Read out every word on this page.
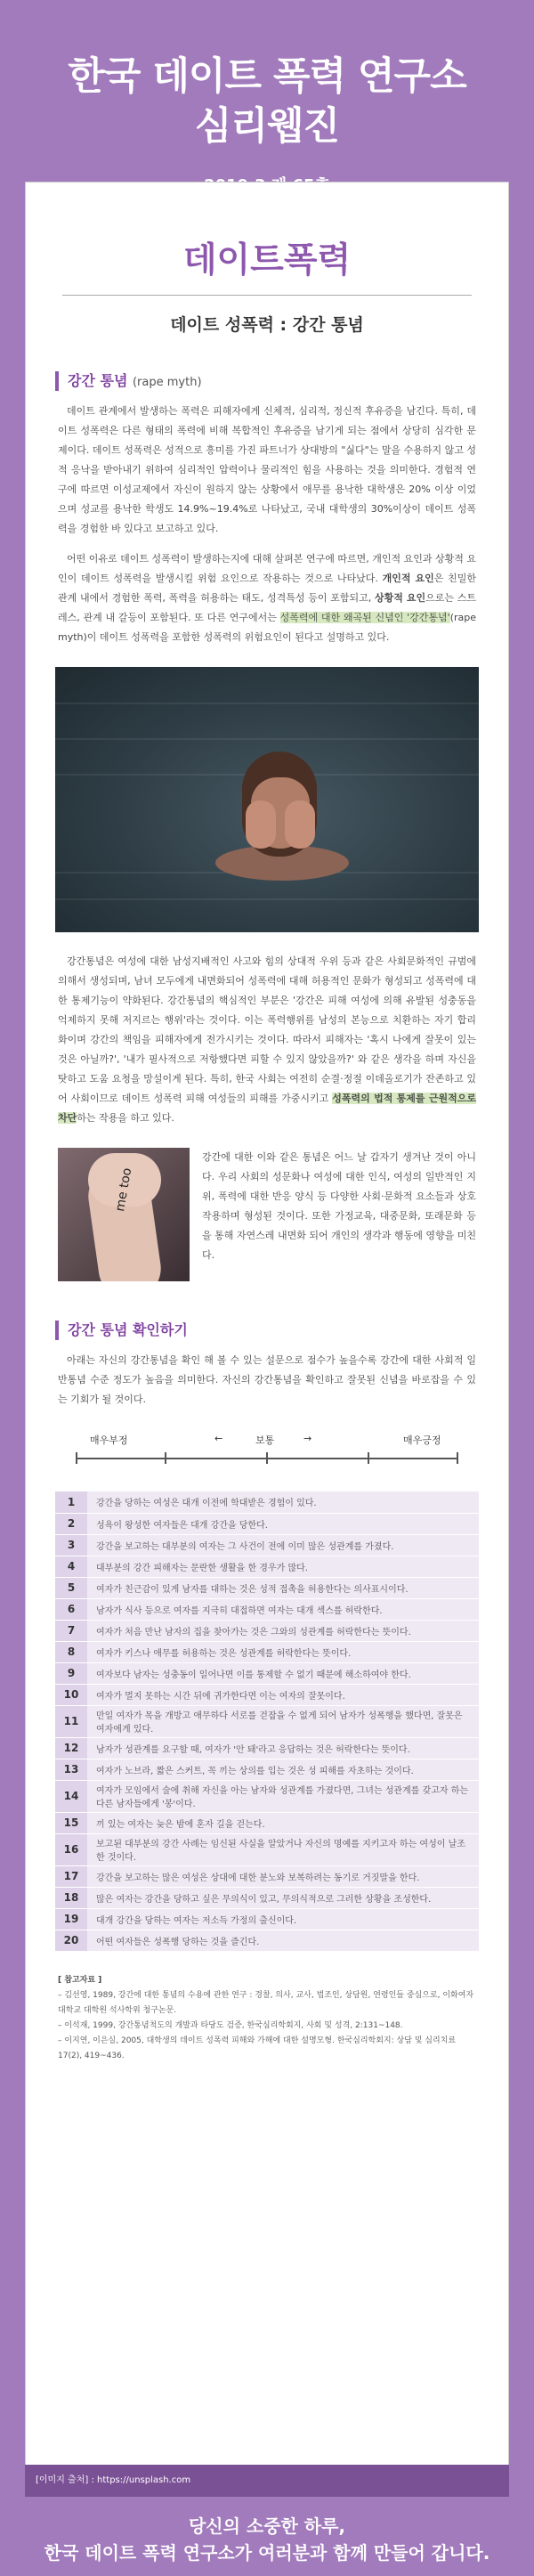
한국 데이트 폭력 연구소
심리웹진
데이트폭력
데이트 성폭력 : 강간 통념
강간 통념 (rape myth)
데이트 관계에서 발생하는 폭력은 피해자에게 신체적, 심리적, 정신적 후유증을 남긴다. 특히, 데이트 성폭력은 다른 형태의 폭력에 비해 복합적인 후유증을 남기게 되는 점에서 상당히 심각한 문제이다. 데이트 성폭력은 성적으로 흥미를 가진 파트너가 상대방의 "싫다"는 말을 수용하지 않고 성적 응낙을 받아내기 위하여 심리적인 압력이나 물리적인 힘을 사용하는 것을 의미한다. 경험적 연구에 따르면 이성교제에서 자신이 원하지 않는 상황에서 애무를 용낙한 대학생은 20% 이상 이었으며 성교를 용낙한 학생도 14.9%~19.4%로 나타났고, 국내 대학생의 30%이상이 데이트 성폭력을 경험한 바 있다고 보고하고 있다.
어떤 이유로 데이트 성폭력이 발생하는지에 대해 살펴본 연구에 따르면, 개인적 요인과 상황적 요인이 데이트 성폭력을 발생시킬 위험 요인으로 작용하는 것으로 나타났다. 개인적 요인은 친밀한 관계 내에서 경험한 폭력, 폭력을 허용하는 태도, 성격특성 등이 포함되고, 상황적 요인으로는 스트레스, 관계 내 갈등이 포함된다. 또 다른 연구에서는 성폭력에 대한 왜곡된 신념인 '강간통념'(rape myth)이 데이트 성폭력을 포함한 성폭력의 위험요인이 된다고 설명하고 있다.
강간통념은 여성에 대한 남성지배적인 사고와 힘의 상대적 우위 등과 같은 사회문화적인 규범에 의해서 생성되며, 남녀 모두에게 내면화되어 성폭력에 대해 허용적인 문화가 형성되고 성폭력에 대한 통제기능이 약화된다. 강간통념의 핵심적인 부분은 '강간은 피해 여성에 의해 유발된 성충동을 억제하지 못해 저지르는 행위'라는 것이다. 이는 폭력행위를 남성의 본능으로 치환하는 자기 합리화이며 강간의 책임을 피해자에게 전가시키는 것이다. 따라서 피해자는 '혹시 나에게 잘못이 있는 것은 아닐까?', '내가 필사적으로 저항했다면 피할 수 있지 않았을까?' 와 같은 생각을 하며 자신을 탓하고 도움 요청을 망설이게 된다. 특히, 한국 사회는 여전히 순결·정절 이데올로기가 잔존하고 있어 사회이므로 데이트 성폭력 피해 여성들의 피해를 가중시키고 성폭력의 법적 통제를 근원적으로 차단하는 작용을 하고 있다.
me too
강간에 대한 이와 같은 통념은 어느 날 갑자기 생겨난 것이 아니다. 우리 사회의 성문화나 여성에 대한 인식, 여성의 일반적인 지위, 폭력에 대한 반응 양식 등 다양한 사회·문화적 요소들과 상호작용하며 형성된 것이다. 또한 가정교육, 대중문화, 또래문화 등을 통해 자연스레 내면화 되어 개인의 생각과 행동에 영향을 미친다.
강간 통념 확인하기
아래는 자신의 강간통념을 확인 해 볼 수 있는 설문으로 점수가 높을수록 강간에 대한 사회적 일반통념 수준 정도가 높음을 의미한다. 자신의 강간통념을 확인하고 잘못된 신념을 바로잡을 수 있는 기회가 될 것이다.
매우부정	←	보통	→	매우긍정
1	강간을 당하는 여성은 대개 이전에 학대받은 경험이 있다.
2	성욕이 왕성한 여자들은 대개 강간을 당한다.
3	강간을 보고하는 대부분의 여자는 그 사건이 전에 이미 많은 성관계를 가졌다.
4	대부분의 강간 피해자는 문란한 생활을 한 경우가 많다.
5	여자가 친근감이 있게 남자를 대하는 것은 성적 접촉을 허용한다는 의사표시이다.
6	남자가 식사 등으로 여자를 지극히 대접하면 여자는 대개 섹스를 허락한다.
7	여자가 처음 만난 남자의 집을 찾아가는 것은 그와의 성관계를 허락한다는 뜻이다.
8	여자가 키스나 애무를 허용하는 것은 성관계를 허락한다는 뜻이다.
9	여자보다 남자는 성충동이 일어나면 이를 통제할 수 없기 때문에 해소하여야 한다.
10	여자가 멀지 못하는 시간 뒤에 귀가한다면 이는 여자의 잘못이다.
11	만일 여자가 목을 개방고 애무하다 서로를 걷잡을 수 없게 되어 남자가 성폭행을 했다면, 잘못은 여자에게 있다.
12	남자가 성관계를 요구할 때, 여자가 '안 돼'라고 응답하는 것은 허락한다는 뜻이다.
13	여자가 노브라, 짧은 스커트, 꼭 끼는 상의를 입는 것은 성 피해를 자초하는 것이다.
14	여자가 모임에서 술에 취해 자신을 아는 남자와 성관계를 가졌다면, 그녀는 성관계를 갖고자 하는 다른 남자들에게 '봉'이다.
15	끼 있는 여자는 늦은 밤에 혼자 길을 걷는다.
16	보고된 대부분의 강간 사례는 임신된 사실을 알았거나 자신의 명예를 지키고자 하는 여성이 날조한 것이다.
17	강간을 보고하는 많은 여성은 상대에 대한 분노와 보복하려는 동기로 거짓말을 한다.
18	많은 여자는 강간을 당하고 싶은 무의식이 있고, 무의식적으로 그러한 상황을 조성한다.
19	대개 강간을 당하는 여자는 저소득 가정의 출신이다.
20	어떤 여자들은 성폭행 당하는 것을 즐긴다.
[ 참고자료 ]
– 김선영, 1989, 강간에 대한 통념의 수용에 관한 연구 : 경찰, 의사, 교사, 법조인, 상담원, 연령인들 중심으로, 이화여자대학교 대학원 석사학위 청구논문.
– 이석재, 1999, 강간통념척도의 개발과 타당도 검증, 한국심리학회지, 사회 및 성격, 2:131~148.
– 이지연, 이은실, 2005, 대학생의 데이트 성폭력 피해와 가해에 대한 설명모형. 한국심리학회지: 상담 및 심리치료 17(2), 419~436.
[이미지 출처] : https://unsplash.com
당신의 소중한 하루,
한국 데이트 폭력 연구소가 여러분과 함께 만들어 갑니다.
